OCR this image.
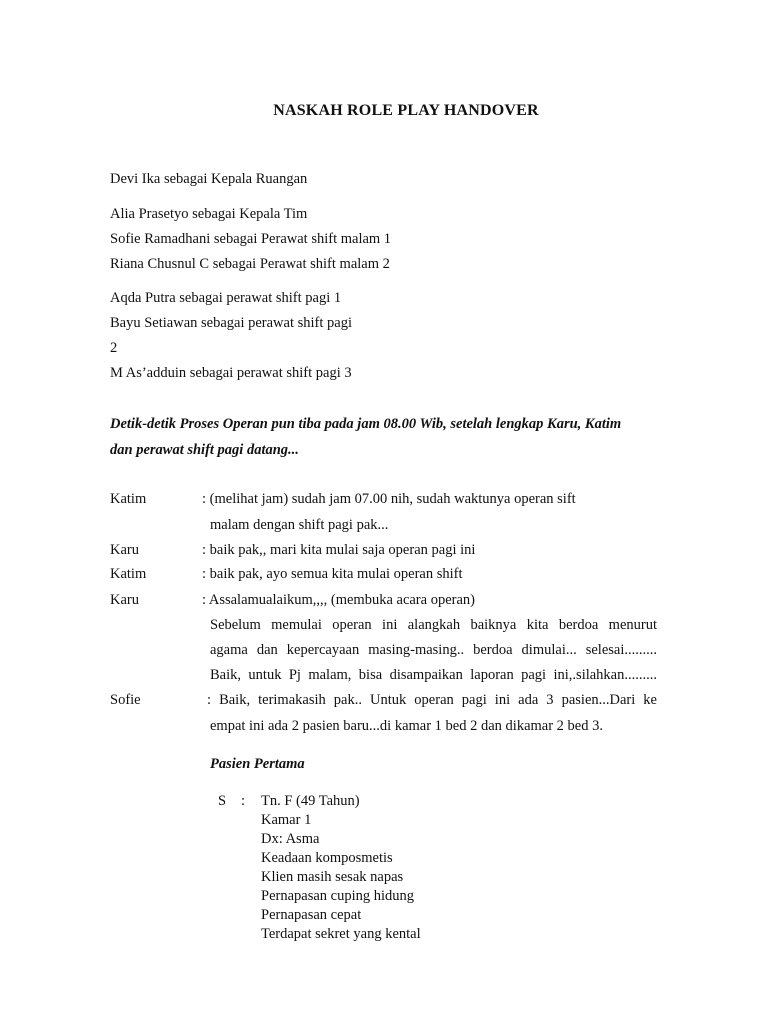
NASKAH ROLE PLAY HANDOVER
Devi Ika sebagai Kepala Ruangan
Alia Prasetyo sebagai Kepala Tim
Sofie Ramadhani sebagai Perawat shift malam 1
Riana Chusnul C sebagai Perawat shift malam 2
Aqda Putra sebagai perawat shift pagi 1
Bayu Setiawan sebagai perawat shift pagi
2
M As’adduin sebagai perawat shift pagi 3
Detik-detik Proses Operan pun tiba pada jam 08.00 Wib, setelah lengkap Karu, Katim
dan perawat shift pagi datang...
Katim	: (melihat jam) sudah jam 07.00 nih, sudah waktunya operan sift
malam dengan shift pagi pak...
Karu	: baik pak,, mari kita mulai saja operan pagi ini
Katim	: baik pak, ayo semua kita mulai operan shift
Karu	: Assalamualaikum,,,, (membuka acara operan)
Sebelum memulai operan ini alangkah baiknya kita berdoa menurut
agama dan kepercayaan masing-masing.. berdoa dimulai... selesai.........
Baik, untuk Pj malam, bisa disampaikan laporan pagi ini,.silahkan.........
Sofie	: Baik, terimakasih pak.. Untuk operan pagi ini ada 3 pasien...Dari ke
empat ini ada 2 pasien baru...di kamar 1 bed 2 dan dikamar 2 bed 3.
Pasien Pertama
S : Tn. F (49 Tahun)
Kamar 1
Dx: Asma
Keadaan komposmetis
Klien masih sesak napas
Pernapasan cuping hidung
Pernapasan cepat
Terdapat sekret yang kental
